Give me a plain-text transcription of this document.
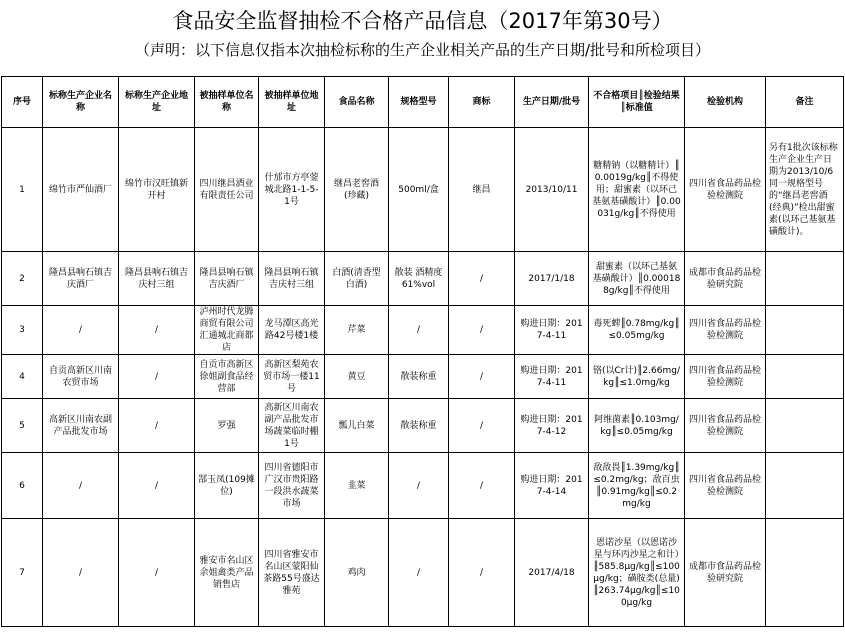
食品安全监督抽检不合格产品信息（2017年第30号）
（声明：以下信息仅指本次抽检标称的生产企业相关产品的生产日期/批号和所检项目）
序号	标称生产企业名称	标称生产企业地址	被抽样单位名称	被抽样单位地址	食品名称	规格型号	商标	生产日期/批号	不合格项目║检验结果║标准值	检验机构	备注
1	绵竹市严仙酒厂	绵竹市汉旺镇新开村	四川继昌酒业有限责任公司	什邡市方亭蓥城北路1-1-5-1号	继昌老窖酒(珍藏)	500ml/盒	继昌	2013/10/11	糖精钠（以糖精计）║0.0019g/kg║不得使用；甜蜜素（以环己基氨基磺酸计）║0.00031g/kg║不得使用	四川省食品药品检验检测院	另有1批次该标称生产企业生产日期为2013/10/6同一规格型号的“继昌老窖酒(经典)”检出甜蜜素(以环己基氨基磺酸计)。
2	隆昌县响石镇吉庆酒厂	隆昌县响石镇吉庆村三组	隆昌县响石镇吉庆酒厂	隆昌县响石镇吉庆村三组	白酒(清香型白酒)	散装 酒精度61%vol	/	2017/1/18	甜蜜素（以环己基氨基磺酸计）║0.000188g/kg║不得使用	成都市食品药品检验研究院	
3	/	/	泸州时代龙腾商贸有限公司汇通城北商都店	龙马潭区高光路42号楼1楼	芹菜	/	/	购进日期：2017-4-11	毒死蜱║0.78mg/kg║≤0.05mg/kg	四川省食品药品检验检测院	
4	自贡高新区川南农贸市场	/	自贡市高新区徐姐副食品经营部	高新区梨苑农贸市场一楼11号	黄豆	散装称重	/	购进日期：2017-4-11	铬(以Cr计)║2.66mg/kg║≤1.0mg/kg	四川省食品药品检验检测院	
5	高新区川南农副产品批发市场	/	罗强	高新区川南农副产品批发市场蔬菜临时棚1号	瓢儿白菜	散装称重	/	购进日期：2017-4-12	阿维菌素║0.103mg/kg║≤0.05mg/kg	四川省食品药品检验检测院	
6	/	/	郜玉凤(109摊位)	四川省德阳市广汉市贵阳路一段洪水蔬菜市场	韭菜	/	/	购进日期：2017-4-14	敌敌畏║1.39mg/kg║≤0.2mg/kg；敌百虫║0.91mg/kg║≤0.2mg/kg	四川省食品药品检验检测院	
7	/	/	雅安市名山区余姐禽类产品销售店	四川省雅安市名山区蒙阳仙茶路55号盛达雅苑	鸡肉	/	/	2017/4/18	恩诺沙星（以恩诺沙星与环丙沙星之和计）║585.8μg/kg║≤100μg/kg；磺胺类(总量)║263.74μg/kg║≤100μg/kg	成都市食品药品检验研究院	
